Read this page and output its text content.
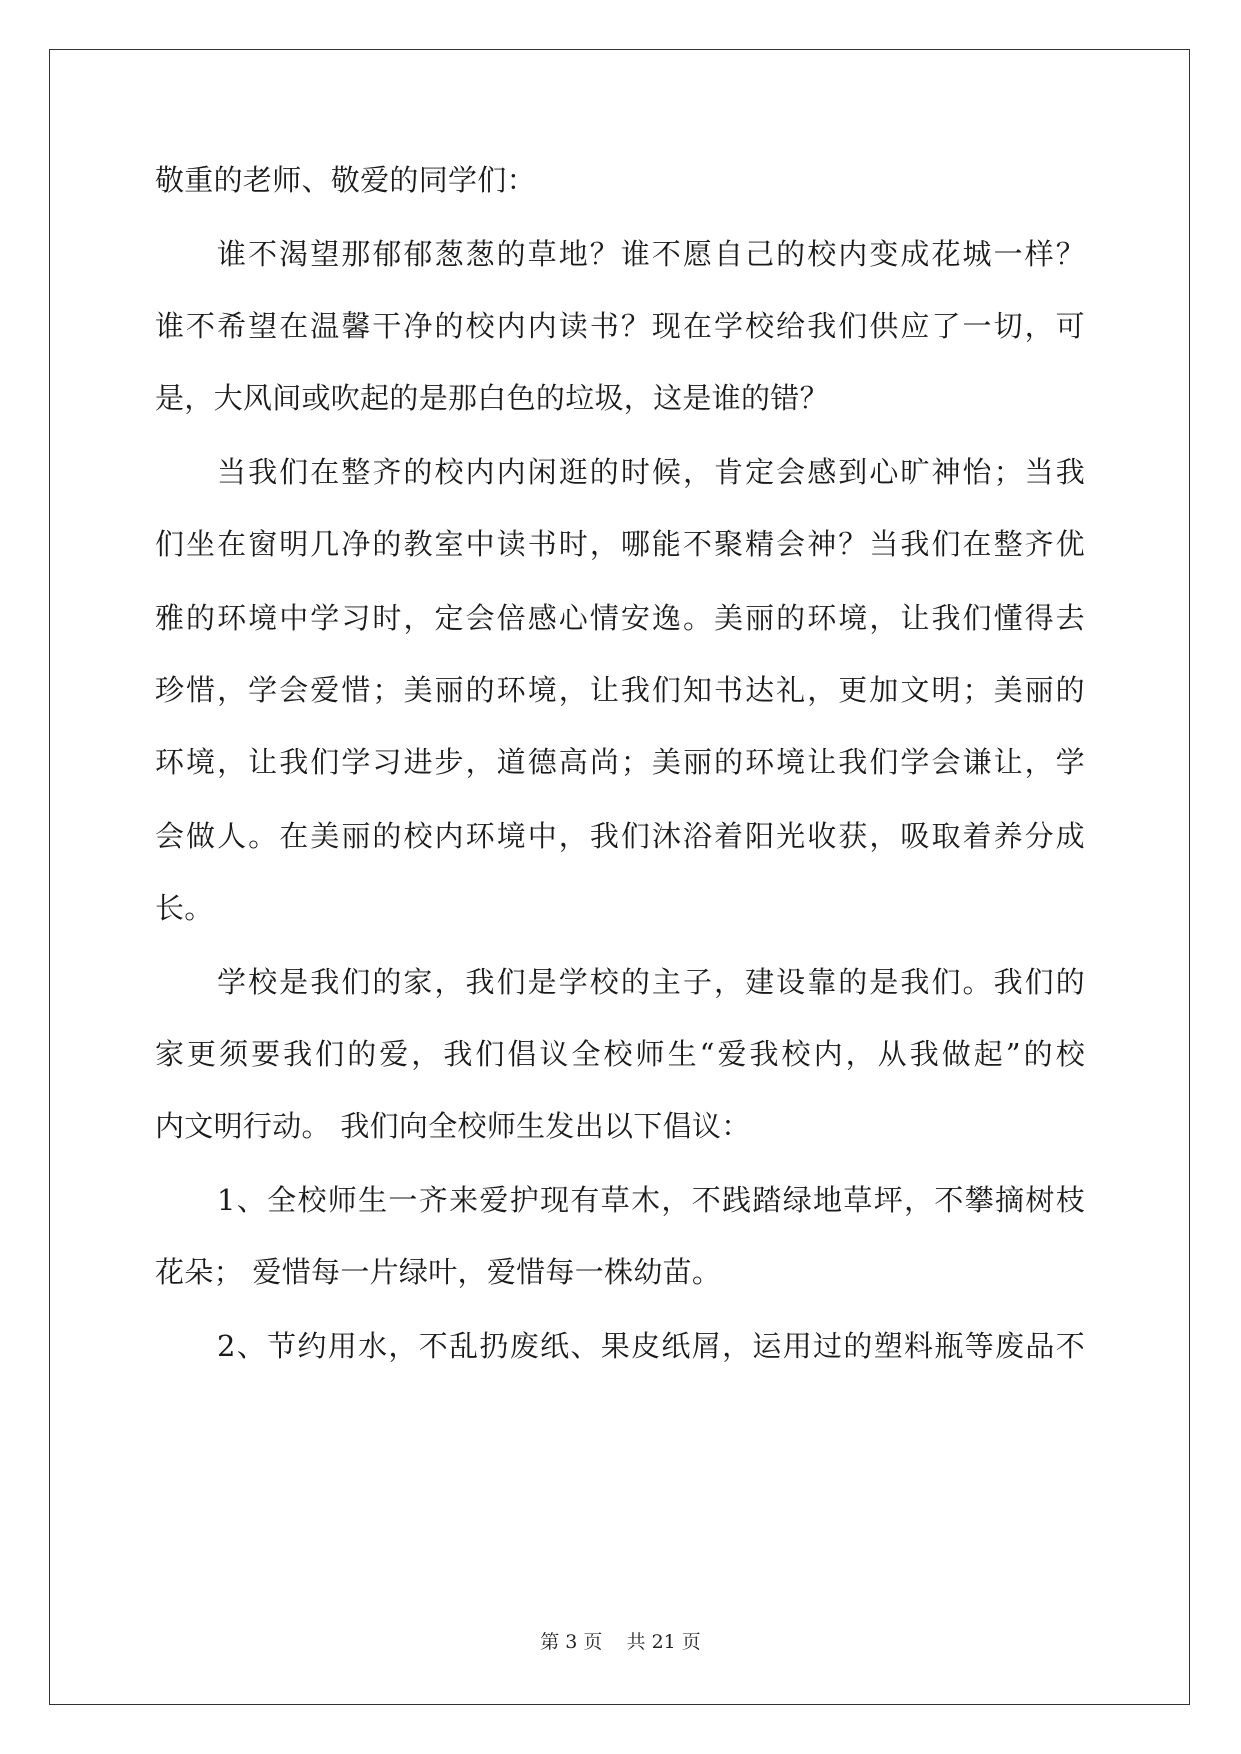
敬重的老师、敬爱的同学们：
谁不渴望那郁郁葱葱的草地？谁不愿自己的校内变成花城一样？
谁不希望在温馨干净的校内内读书？现在学校给我们供应了一切，可
是，大风间或吹起的是那白色的垃圾，这是谁的错？
当我们在整齐的校内内闲逛的时候，肯定会感到心旷神怡；当我
们坐在窗明几净的教室中读书时，哪能不聚精会神？当我们在整齐优
雅的环境中学习时，定会倍感心情安逸。美丽的环境，让我们懂得去
珍惜，学会爱惜；美丽的环境，让我们知书达礼，更加文明；美丽的
环境，让我们学习进步，道德高尚；美丽的环境让我们学会谦让，学
会做人。在美丽的校内环境中，我们沐浴着阳光收获，吸取着养分成
长。
学校是我们的家，我们是学校的主子，建设靠的是我们。我们的
家更须要我们的爱，我们倡议全校师生“爱我校内，从我做起”的校
内文明行动。 我们向全校师生发出以下倡议：
1、全校师生一齐来爱护现有草木，不践踏绿地草坪，不攀摘树枝
花朵； 爱惜每一片绿叶，爱惜每一株幼苗。
2、节约用水，不乱扔废纸、果皮纸屑，运用过的塑料瓶等废品不
第 3 页 共 21 页
